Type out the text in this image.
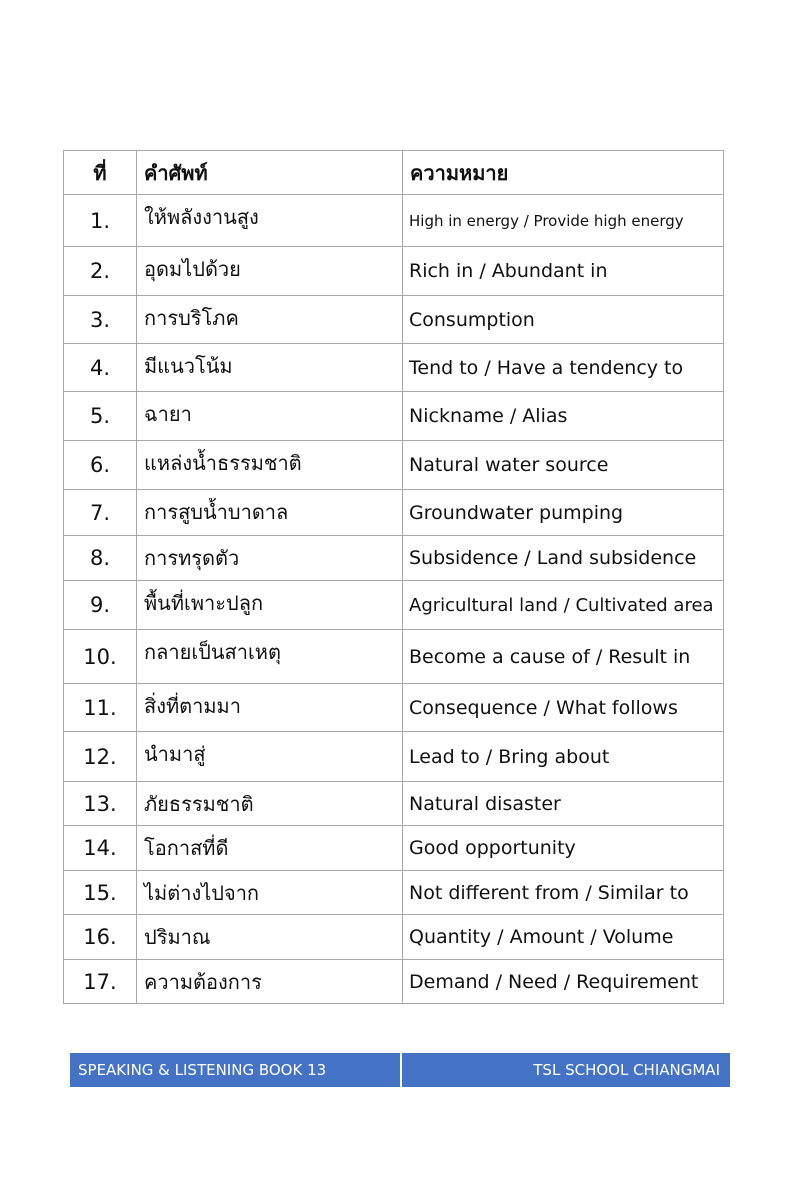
ที่	คำศัพท์	ความหมาย
1.	ให้พลังงานสูง	High in energy / Provide high energy
2.	อุดมไปด้วย	Rich in / Abundant in
3.	การบริโภค	Consumption
4.	มีแนวโน้ม	Tend to / Have a tendency to
5.	ฉายา	Nickname / Alias
6.	แหล่งน้ำธรรมชาติ	Natural water source
7.	การสูบน้ำบาดาล	Groundwater pumping
8.	การทรุดตัว	Subsidence / Land subsidence
9.	พื้นที่เพาะปลูก	Agricultural land / Cultivated area
10.	กลายเป็นสาเหตุ	Become a cause of / Result in
11.	สิ่งที่ตามมา	Consequence / What follows
12.	นำมาสู่	Lead to / Bring about
13.	ภัยธรรมชาติ	Natural disaster
14.	โอกาสที่ดี	Good opportunity
15.	ไม่ต่างไปจาก	Not different from / Similar to
16.	ปริมาณ	Quantity / Amount / Volume
17.	ความต้องการ	Demand / Need / Requirement
SPEAKING & LISTENING BOOK 13	TSL SCHOOL CHIANGMAI
